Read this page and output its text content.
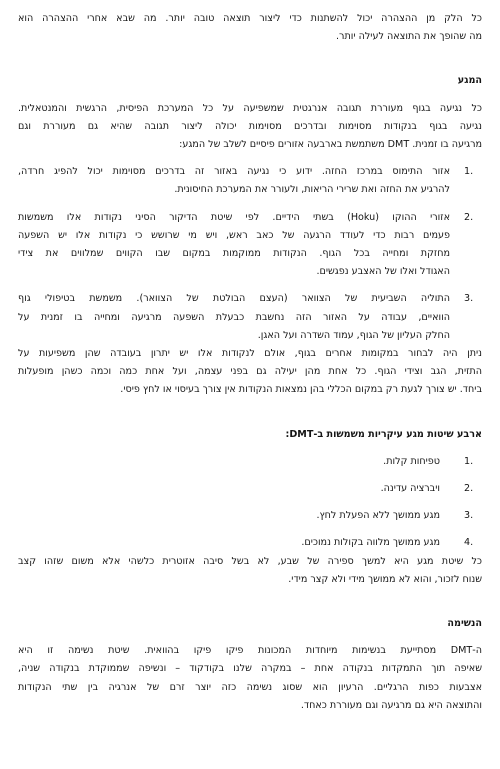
כל הלק מן ההצהרה יכול להשתנות כדי ליצור תוצאה טובה יותר. מה שבא אחרי ההצהרה הוא
מה שהופך את התוצאה לעילה יותר.
המגע
כל נגיעה בגוף מעוררת תגובה אנרגטית שמשפיעה על כל המערכת הפיסית, הרגשית והמנטאלית.
נגיעה בגוף בנקודות מסוימות ובדרכים מסוימות יכולה ליצור תגובה שהיא גם מעוררת וגם
מרגיעה בו זמנית. DMT משתמשת בארבעה אזורים פיסיים לשלב של המגע:
1.
אזור התימוס במרכז החזה. ידוע כי נגיעה באזור זה בדרכים מסוימות יכול להפיג חרדה,
להרגיע את החזה ואת שרירי הריאות, ולעורר את המערכת החיסונית.
2.
אזורי ההוקו (Hoku) בשתי הידיים. לפי שיטת הדיקור הסיני נקודות אלו משמשות
פעמים רבות כדי לעודד הרגעה של כאב ראש, ויש מי שרושש כי נקודות אלו יש השפעה
מחזקת ומחייה בכל הגוף. הנקודות ממוקמות במקום שבו הקווים שמלווים את צידי
האגודל ואלו של האצבע נפגשים.
3.
התוליה השביעית של הצוואר (העצם הבולטת של הצוואר). משמשת בטיפולי גוף
הוואיים, עבודה על האזור הזה נחשבת כבעלת השפעה מרגיעה ומחייה בו זמנית על
החלק העליון של הגוף, עמוד השדרה ועל האגן.
ניתן היה לבחור במקומות אחרים בגוף, אולם לנקודות אלו יש יתרון בעובדה שהן משפיעות על
התזית, הגב וצידי הגוף. כל אחת מהן יעילה גם בפני עצמה, ועל אחת כמה וכמה כשהן מופעלות
ביחד. יש צורך לגעת רק במקום הכללי בהן נמצאות הנקודות אין צורך בעיסוי או לחץ פיסי.
ארבע שיטות מגע עיקריות משמשות ב-DMT:
1.
טפיחות קלות.
2.
ויברציה עדינה.
3.
מגע ממושך ללא הפעלת לחץ.
4.
מגע ממושך מלווה בקולות נמוכים.
כל שיטת מגע היא למשך ספירה של שבע, לא בשל סיבה אזוטרית כלשהי אלא משום שזהו קצב
שנוח לזכור, והוא לא ממושך מידי ולא קצר מידי.
הנשימה
ה-DMT מסתייעת בנשימות מיוחדות המכונות פיקו פיקו בהוואית. שיטת נשימה זו היא
שאיפה תוך התמקדות בנקודה אחת – במקרה שלנו בקודקוד – ונשיפה שממוקדת בנקודה שניה,
אצבעות כפות הרגליים. הרעיון הוא שסוג נשימה כזה יוצר זרם של אנרגיה בין שתי הנקודות
והתוצאה היא גם מרגיעה וגם מעוררת כאחד.
